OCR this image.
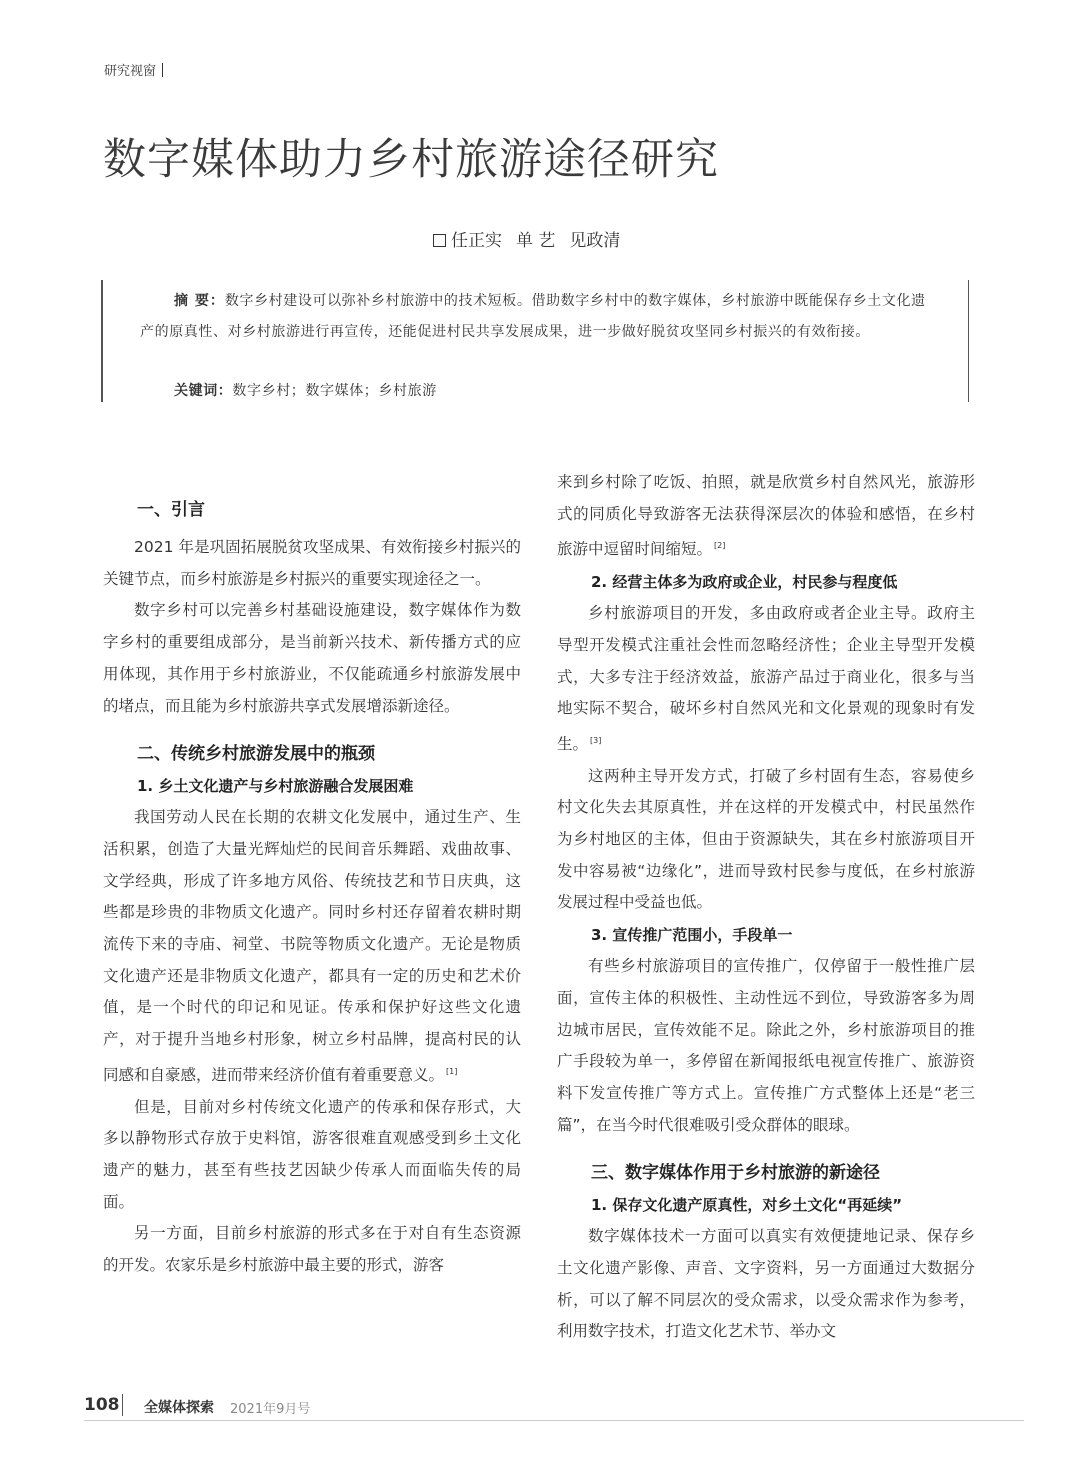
研究视窗
数字媒体助力乡村旅游途径研究
任正实 单 艺 见政清

摘 要：数字乡村建设可以弥补乡村旅游中的技术短板。借助数字乡村中的数字媒体，乡村旅游中既能保存乡土文化遗产的原真性、对乡村旅游进行再宣传，还能促进村民共享发展成果，进一步做好脱贫攻坚同乡村振兴的有效衔接。

关键词：数字乡村；数字媒体；乡村旅游
一、引言

2021 年是巩固拓展脱贫攻坚成果、有效衔接乡村振兴的关键节点，而乡村旅游是乡村振兴的重要实现途径之一。

数字乡村可以完善乡村基础设施建设，数字媒体作为数字乡村的重要组成部分，是当前新兴技术、新传播方式的应用体现，其作用于乡村旅游业，不仅能疏通乡村旅游发展中的堵点，而且能为乡村旅游共享式发展增添新途径。

二、传统乡村旅游发展中的瓶颈
1. 乡土文化遗产与乡村旅游融合发展困难

我国劳动人民在长期的农耕文化发展中，通过生产、生活积累，创造了大量光辉灿烂的民间音乐舞蹈、戏曲故事、文学经典，形成了许多地方风俗、传统技艺和节日庆典，这些都是珍贵的非物质文化遗产。同时乡村还存留着农耕时期流传下来的寺庙、祠堂、书院等物质文化遗产。无论是物质文化遗产还是非物质文化遗产，都具有一定的历史和艺术价值，是一个时代的印记和见证。传承和保护好这些文化遗产，对于提升当地乡村形象，树立乡村品牌，提高村民的认同感和自豪感，进而带来经济价值有着重要意义。 [1]

但是，目前对乡村传统文化遗产的传承和保存形式，大多以静物形式存放于史料馆，游客很难直观感受到乡土文化遗产的魅力，甚至有些技艺因缺少传承人而面临失传的局面。

另一方面，目前乡村旅游的形式多在于对自有生态资源的开发。农家乐是乡村旅游中最主要的形式，游客

来到乡村除了吃饭、拍照，就是欣赏乡村自然风光，旅游形式的同质化导致游客无法获得深层次的体验和感悟，在乡村旅游中逗留时间缩短。 [2]

2. 经营主体多为政府或企业，村民参与程度低

乡村旅游项目的开发，多由政府或者企业主导。政府主导型开发模式注重社会性而忽略经济性；企业主导型开发模式，大多专注于经济效益，旅游产品过于商业化，很多与当地实际不契合，破坏乡村自然风光和文化景观的现象时有发生。 [3]

这两种主导开发方式，打破了乡村固有生态，容易使乡村文化失去其原真性，并在这样的开发模式中，村民虽然作为乡村地区的主体，但由于资源缺失，其在乡村旅游项目开发中容易被“边缘化”，进而导致村民参与度低，在乡村旅游发展过程中受益也低。

3. 宣传推广范围小，手段单一

有些乡村旅游项目的宣传推广，仅停留于一般性推广层面，宣传主体的积极性、主动性远不到位，导致游客多为周边城市居民，宣传效能不足。除此之外，乡村旅游项目的推广手段较为单一，多停留在新闻报纸电视宣传推广、旅游资料下发宣传推广等方式上。宣传推广方式整体上还是“老三篇”，在当今时代很难吸引受众群体的眼球。

三、数字媒体作用于乡村旅游的新途径
1. 保存文化遗产原真性，对乡土文化“再延续”

数字媒体技术一方面可以真实有效便捷地记录、保存乡土文化遗产影像、声音、文字资料，另一方面通过大数据分析，可以了解不同层次的受众需求，以受众需求作为参考，利用数字技术，打造文化艺术节、举办文

108 全媒体探索 2021年9月号
